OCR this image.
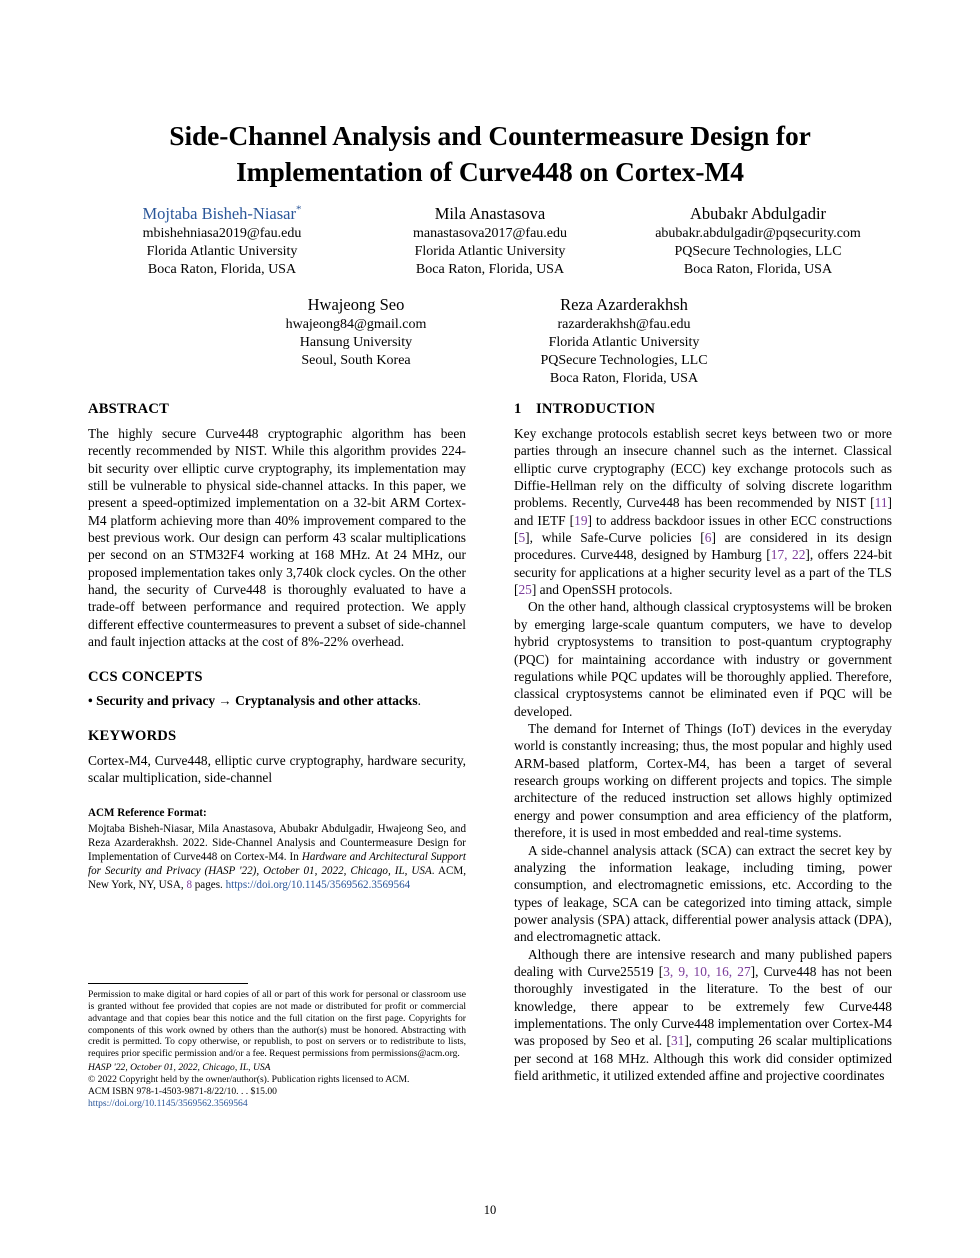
Side-Channel Analysis and Countermeasure Design for Implementation of Curve448 on Cortex-M4
Mojtaba Bisheh-Niasar*
mbishehniasa2019@fau.edu
Florida Atlantic University
Boca Raton, Florida, USA
Mila Anastasova
manastasova2017@fau.edu
Florida Atlantic University
Boca Raton, Florida, USA
Abubakr Abdulgadir
abubakr.abdulgadir@pqsecurity.com
PQSecure Technologies, LLC
Boca Raton, Florida, USA
Hwajeong Seo
hwajeong84@gmail.com
Hansung University
Seoul, South Korea
Reza Azarderakhsh
razarderakhsh@fau.edu
Florida Atlantic University
PQSecure Technologies, LLC
Boca Raton, Florida, USA
ABSTRACT

The highly secure Curve448 cryptographic algorithm has been recently recommended by NIST. While this algorithm provides 224-bit security over elliptic curve cryptography, its implementation may still be vulnerable to physical side-channel attacks. In this paper, we present a speed-optimized implementation on a 32-bit ARM Cortex-M4 platform achieving more than 40% improvement compared to the best previous work. Our design can perform 43 scalar multiplications per second on an STM32F4 working at 168 MHz. At 24 MHz, our proposed implementation takes only 3,740k clock cycles. On the other hand, the security of Curve448 is thoroughly evaluated to have a trade-off between performance and required protection. We apply different effective countermeasures to prevent a subset of side-channel and fault injection attacks at the cost of 8%-22% overhead.

CCS CONCEPTS

• Security and privacy → Cryptanalysis and other attacks.

KEYWORDS

Cortex-M4, Curve448, elliptic curve cryptography, hardware security, scalar multiplication, side-channel

ACM Reference Format:
Mojtaba Bisheh-Niasar, Mila Anastasova, Abubakr Abdulgadir, Hwajeong Seo, and Reza Azarderakhsh. 2022. Side-Channel Analysis and Countermeasure Design for Implementation of Curve448 on Cortex-M4. In Hardware and Architectural Support for Security and Privacy (HASP '22), October 01, 2022, Chicago, IL, USA. ACM, New York, NY, USA, 8 pages. https://doi.org/10.1145/3569562.3569564

Permission to make digital or hard copies of all or part of this work for personal or classroom use is granted without fee provided that copies are not made or distributed for profit or commercial advantage and that copies bear this notice and the full citation on the first page. Copyrights for components of this work owned by others than the author(s) must be honored. Abstracting with credit is permitted. To copy otherwise, or republish, to post on servers or to redistribute to lists, requires prior specific permission and/or a fee. Request permissions from permissions@acm.org.

HASP '22, October 01, 2022, Chicago, IL, USA

© 2022 Copyright held by the owner/author(s). Publication rights licensed to ACM.

ACM ISBN 978-1-4503-9871-8/22/10. . . $15.00

https://doi.org/10.1145/3569562.3569564

1 INTRODUCTION

Key exchange protocols establish secret keys between two or more parties through an insecure channel such as the internet. Classical elliptic curve cryptography (ECC) key exchange protocols such as Diffie-Hellman rely on the difficulty of solving discrete logarithm problems. Recently, Curve448 has been recommended by NIST [11] and IETF [19] to address backdoor issues in other ECC constructions [5], while Safe-Curve policies [6] are considered in its design procedures. Curve448, designed by Hamburg [17, 22], offers 224-bit security for applications at a higher security level as a part of the TLS [25] and OpenSSH protocols.

On the other hand, although classical cryptosystems will be broken by emerging large-scale quantum computers, we have to develop hybrid cryptosystems to transition to post-quantum cryptography (PQC) for maintaining accordance with industry or government regulations while PQC updates will be thoroughly applied. Therefore, classical cryptosystems cannot be eliminated even if PQC will be developed.

The demand for Internet of Things (IoT) devices in the everyday world is constantly increasing; thus, the most popular and highly used ARM-based platform, Cortex-M4, has been a target of several research groups working on different projects and topics. The simple architecture of the reduced instruction set allows highly optimized energy and power consumption and area efficiency of the platform, therefore, it is used in most embedded and real-time systems.

A side-channel analysis attack (SCA) can extract the secret key by analyzing the information leakage, including timing, power consumption, and electromagnetic emissions, etc. According to the types of leakage, SCA can be categorized into timing attack, simple power analysis (SPA) attack, differential power analysis attack (DPA), and electromagnetic attack.

Although there are intensive research and many published papers dealing with Curve25519 [3, 9, 10, 16, 27], Curve448 has not been thoroughly investigated in the literature. To the best of our knowledge, there appear to be extremely few Curve448 implementations. The only Curve448 implementation over Cortex-M4 was proposed by Seo et al. [31], computing 26 scalar multiplications per second at 168 MHz. Although this work did consider optimized field arithmetic, it utilized extended affine and projective coordinates

10
